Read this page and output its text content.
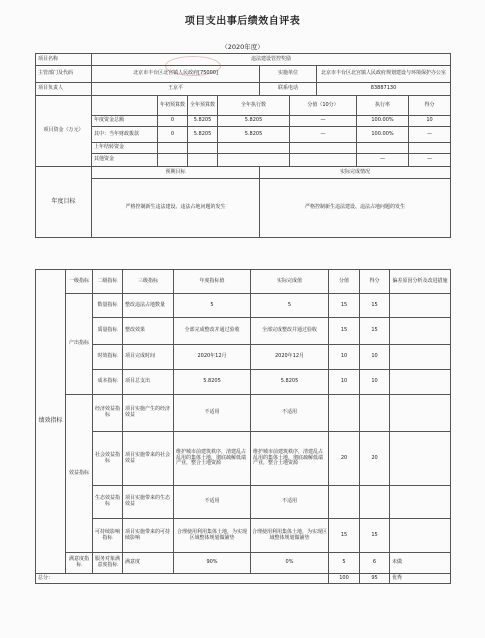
项目支出事后绩效自评表
（2020年度）
项目名称	违法建设管控奖励								
主管部门及代码	北京市丰台区北宫镇人民政府[75000]				实施单位		北京市丰台区北宫镇人民政府规划建设与环境保护办公室		
项目负责人	王京平				联系电话		83887130		
项目资金（万元）		年初预算数	全年预算数	全年执行数		分值（10分）		执行率	得分
	年度资金总额	0	5.8205	5.8205		—		100.00%	10
	其中：当年财政拨款	0	5.8205	5.8205		—		100.00%	—
	上年结转资金								
	其他资金							—	—
年度目标	预期目标				实际完成情况				
	严格控制新生违法建设、违法占地问题的发生				严格控制新生违法建设、违法占地问题的发生				
绩效指标	一级指标	二级指标	三级指标	年度指标值	实际完成值	分值	得分	偏差原因分析及改进措施
	产出指标	数量指标	整改违法占地数量	5	5	15	15	
		质量指标	整改效果	全部完成整改并通过验收	全部完成整改并通过验收	15	15	
		时效指标	项目完成时间	2020年12月	2020年12月	10	10	
		成本指标	项目总支出	5.8205	5.8205	10	10	
	效益指标	经济效益指标	项目实施产生的经济效益	不适用	不适用			
		社会效益指标	项目实施带来的社会效益	维护城市前建筑秩序，清建乱占乱用的集体土地，彻底疏解低端产业，整合土地资源	维护城市前建筑秩序，清建乱占乱用的集体土地，彻底疏解低端产业，整合土地资源	20	20	
		生态效益指标	项目实施带来的生态效益	不适用	不适用			
		可持续影响指标	项目实施带来的可持续影响	合理使用利用集体土地，为实现区域整体规划做铺垫	合理使用利用集体土地，为实现区域整体规划做铺垫	15	15	
	满意度指标	服务对象满意度指标	满意度	90%	0%	5	6	未做
总分：						100	95	优秀
